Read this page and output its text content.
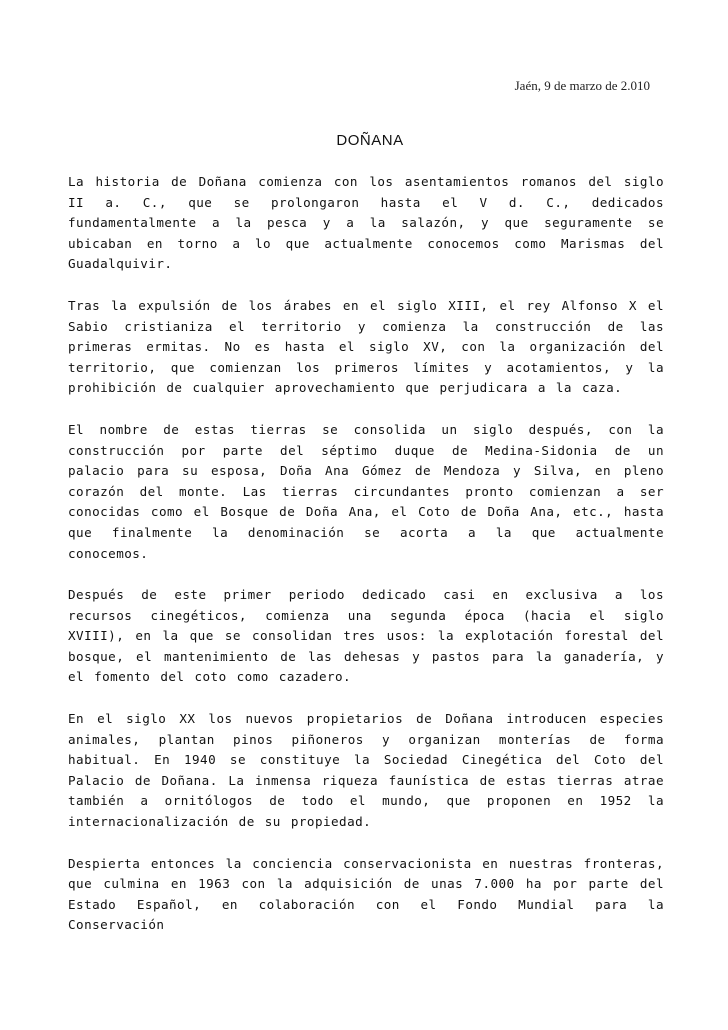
Jaén, 9 de marzo de 2.010
DOÑANA

La historia de Doñana comienza con los asentamientos romanos del siglo II a. C., que se prolongaron hasta el V d. C., dedicados fundamentalmente a la pesca y a la salazón, y que seguramente se ubicaban en torno a lo que actualmente conocemos como Marismas del Guadalquivir.

Tras la expulsión de los árabes en el siglo XIII, el rey Alfonso X el Sabio cristianiza el territorio y comienza la construcción de las primeras ermitas. No es hasta el siglo XV, con la organización del territorio, que comienzan los primeros límites y acotamientos, y la prohibición de cualquier aprovechamiento que perjudicara a la caza.

El nombre de estas tierras se consolida un siglo después, con la construcción por parte del séptimo duque de Medina-Sidonia de un palacio para su esposa, Doña Ana Gómez de Mendoza y Silva, en pleno corazón del monte. Las tierras circundantes pronto comienzan a ser conocidas como el Bosque de Doña Ana, el Coto de Doña Ana, etc., hasta que finalmente la denominación se acorta a la que actualmente conocemos.

Después de este primer periodo dedicado casi en exclusiva a los recursos cinegéticos, comienza una segunda época (hacia el siglo XVIII), en la que se consolidan tres usos: la explotación forestal del bosque, el mantenimiento de las dehesas y pastos para la ganadería, y el fomento del coto como cazadero.

En el siglo XX los nuevos propietarios de Doñana introducen especies animales, plantan pinos piñoneros y organizan monterías de forma habitual. En 1940 se constituye la Sociedad Cinegética del Coto del Palacio de Doñana. La inmensa riqueza faunística de estas tierras atrae también a ornitólogos de todo el mundo, que proponen en 1952 la internacionalización de su propiedad.

Despierta entonces la conciencia conservacionista en nuestras fronteras, que culmina en 1963 con la adquisición de unas 7.000 ha por parte del Estado Español, en colaboración con el Fondo Mundial para la Conservación
